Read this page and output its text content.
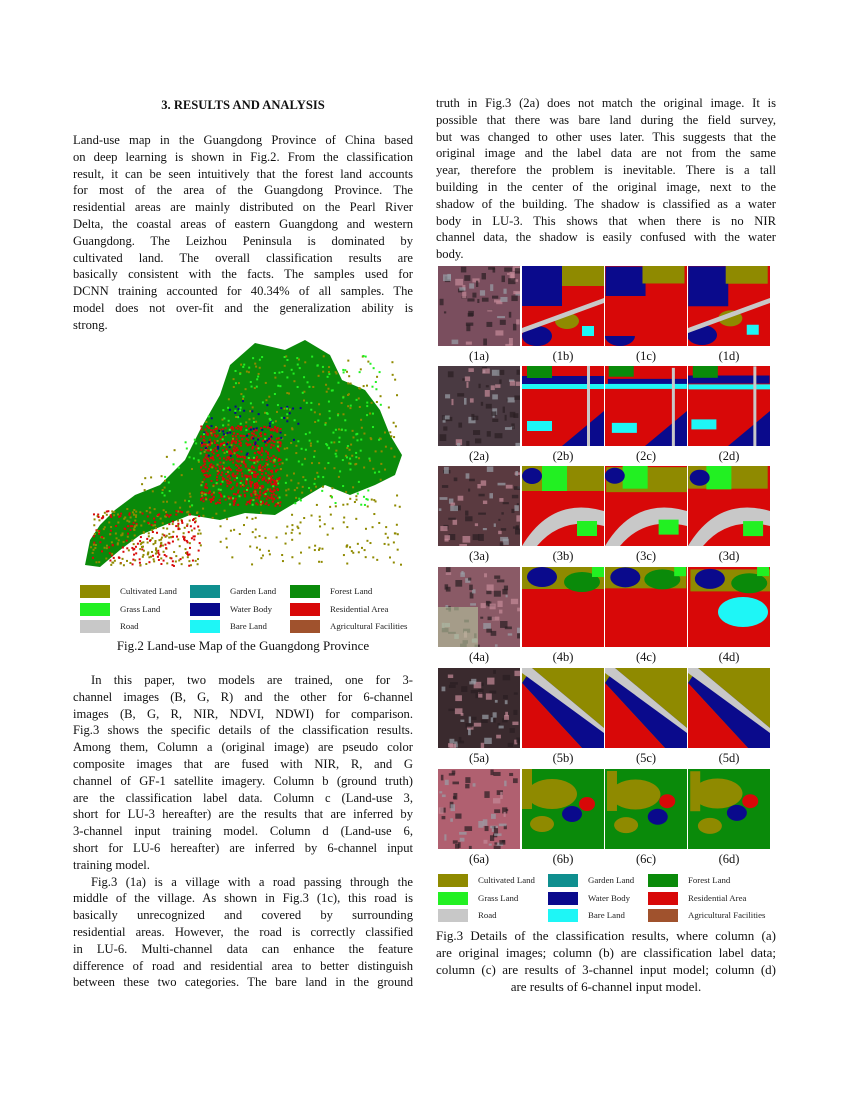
3. RESULTS AND ANALYSIS
Land-use map in the Guangdong Province of China based
on deep learning is shown in Fig.2. From the classification
result, it can be seen intuitively that the forest land accounts
for most of the area of the Guangdong Province. The
residential areas are mainly distributed on the Pearl River
Delta, the coastal areas of eastern Guangdong and western
Guangdong. The Leizhou Peninsula is dominated by
cultivated land. The overall classification results are
basically consistent with the facts. The samples used for
DCNN training accounted for 40.34% of all samples. The
model does not over-fit and the generalization ability is
strong.
In this paper, two models are trained, one for 3-
channel images (B, G, R) and the other for 6-channel
images (B, G, R, NIR, NDVI, NDWI) for comparison.
Fig.3 shows the specific details of the classification results.
Among them, Column a (original image) are pseudo color
composite images that are fused with NIR, R, and G
channel of GF-1 satellite imagery. Column b (ground truth)
are the classification label data. Column c (Land-use 3,
short for LU-3 hereafter) are the results that are inferred by
3-channel input training model. Column d (Land-use 6,
short for LU-6 hereafter) are inferred by 6-channel input
training model.
Fig.3 (1a) is a village with a road passing through the
middle of the village. As shown in Fig.3 (1c), this road is
basically unrecognized and covered by surrounding
residential areas. However, the road is correctly classified
in LU-6. Multi-channel data can enhance the feature
difference of road and residential area to better distinguish
between these two categories. The bare land in the ground
truth in Fig.3 (2a) does not match the original image. It is
possible that there was bare land during the field survey,
but was changed to other uses later. This suggests that the
original image and the label data are not from the same
year, therefore the problem is inevitable. There is a tall
building in the center of the original image, next to the
shadow of the building. The shadow is classified as a water
body in LU-3. This shows that when there is no NIR
channel data, the shadow is easily confused with the water
body.
Cultivated Land	Garden Land	Forest Land
Grass Land	Water Body	Residential Area
Road	Bare Land	Agricultural Facilities
Fig.2 Land-use Map of the Guangdong Province
(1a)	(1b)	(1c)	(1d)
(2a)	(2b)	(2c)	(2d)
(3a)	(3b)	(3c)	(3d)
(4a)	(4b)	(4c)	(4d)
(5a)	(5b)	(5c)	(5d)
(6a)	(6b)	(6c)	(6d)
Cultivated Land	Garden Land	Forest Land
Grass Land	Water Body	Residential Area
Road	Bare Land	Agricultural Facilities
Fig.3 Details of the classification results, where column (a)
are original images; column (b) are classification label data;
column (c) are results of 3-channel input model; column (d)
are results of 6-channel input model.
